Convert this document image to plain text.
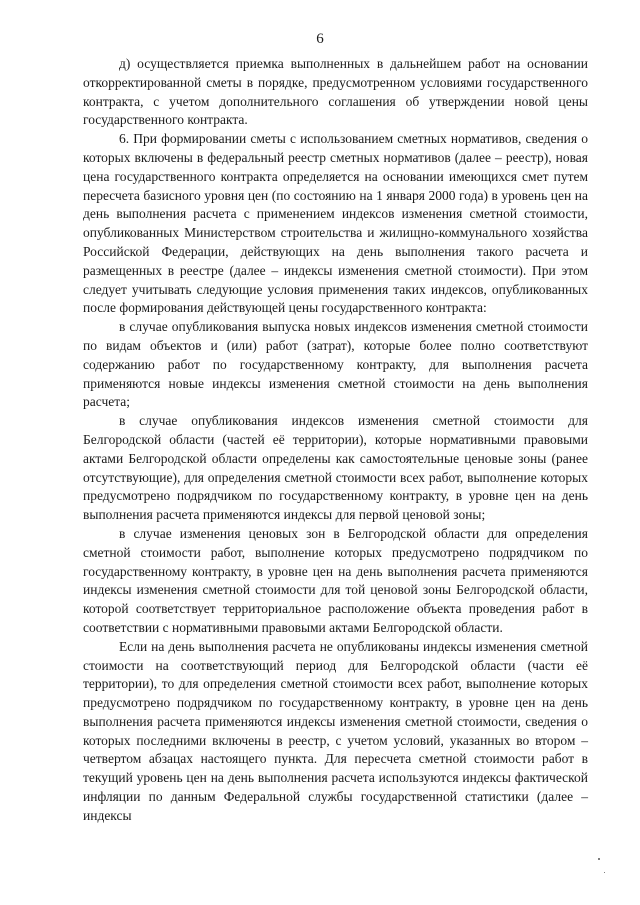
6

д) осуществляется приемка выполненных в дальнейшем работ на основании откорректированной сметы в порядке, предусмотренном условиями государственного контракта, с учетом дополнительного соглашения об утверждении новой цены государственного контракта.

6. При формировании сметы с использованием сметных нормативов, сведения о которых включены в федеральный реестр сметных нормативов (далее – реестр), новая цена государственного контракта определяется на основании имеющихся смет путем пересчета базисного уровня цен (по состоянию на 1 января 2000 года) в уровень цен на день выполнения расчета с применением индексов изменения сметной стоимости, опубликованных Министерством строительства и жилищно-коммунального хозяйства Российской Федерации, действующих на день выполнения такого расчета и размещенных в реестре (далее – индексы изменения сметной стоимости). При этом следует учитывать следующие условия применения таких индексов, опубликованных после формирования действующей цены государственного контракта:

в случае опубликования выпуска новых индексов изменения сметной стоимости по видам объектов и (или) работ (затрат), которые более полно соответствуют содержанию работ по государственному контракту, для выполнения расчета применяются новые индексы изменения сметной стоимости на день выполнения расчета;

в случае опубликования индексов изменения сметной стоимости для Белгородской области (частей её территории), которые нормативными правовыми актами Белгородской области определены как самостоятельные ценовые зоны (ранее отсутствующие), для определения сметной стоимости всех работ, выполнение которых предусмотрено подрядчиком по государственному контракту, в уровне цен на день выполнения расчета применяются индексы для первой ценовой зоны;

в случае изменения ценовых зон в Белгородской области для определения сметной стоимости работ, выполнение которых предусмотрено подрядчиком по государственному контракту, в уровне цен на день выполнения расчета применяются индексы изменения сметной стоимости для той ценовой зоны Белгородской области, которой соответствует территориальное расположение объекта проведения работ в соответствии с нормативными правовыми актами Белгородской области.

Если на день выполнения расчета не опубликованы индексы изменения сметной стоимости на соответствующий период для Белгородской области (части её территории), то для определения сметной стоимости всех работ, выполнение которых предусмотрено подрядчиком по государственному контракту, в уровне цен на день выполнения расчета применяются индексы изменения сметной стоимости, сведения о которых последними включены в реестр, с учетом условий, указанных во втором – четвертом абзацах настоящего пункта. Для пересчета сметной стоимости работ в текущий уровень цен на день выполнения расчета используются индексы фактической инфляции по данным Федеральной службы государственной статистики (далее – индексы
